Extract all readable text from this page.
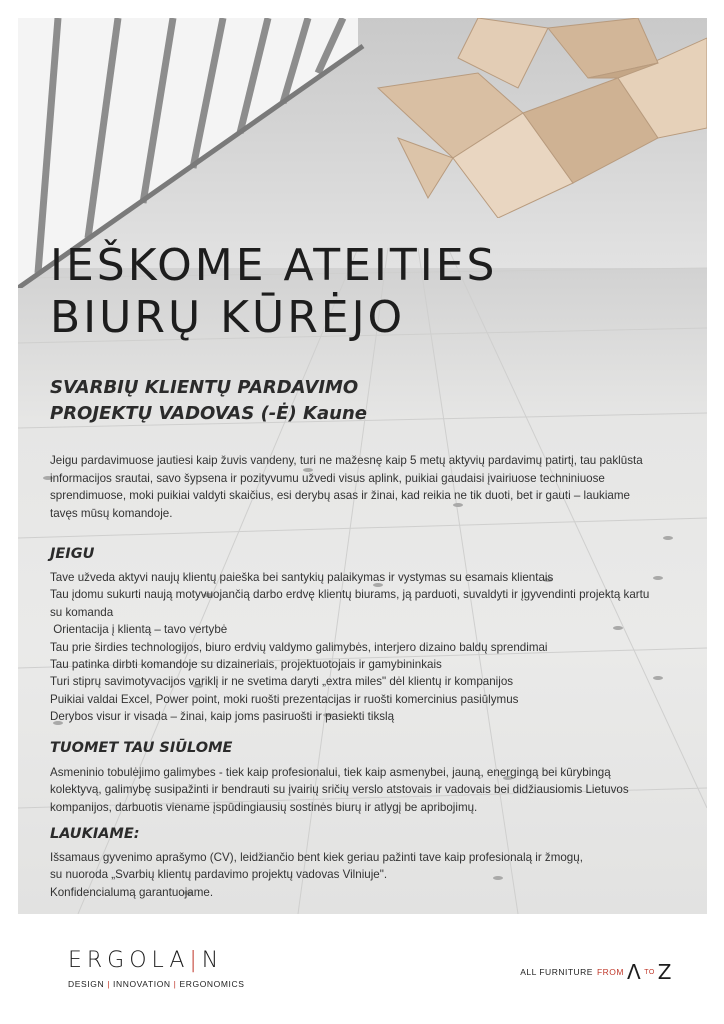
IEŠKOME ATEITIES
BIURŲ KŪRĖJO
SVARBIŲ KLIENTŲ PARDAVIMO
PROJEKTŲ VADOVAS (-Ė) Kaune

Jeigu pardavimuose jautiesi kaip žuvis vandeny, turi ne mažesnę kaip 5 metų aktyvių pardavimų patirtį, tau paklūsta informacijos srautai, savo šypsena ir pozityvumu užvedi visus aplink, puikiai gaudaisi įvairiuose techniniuose sprendimuose, moki puikiai valdyti skaičius, esi derybų asas ir žinai, kad reikia ne tik duoti, bet ir gauti – laukiame tavęs mūsų komandoje.

JEIGU
Tave užveda aktyvi naujų klientų paieška bei santykių palaikymas ir vystymas su esamais klientais
Tau įdomu sukurti naują motyvuojančią darbo erdvę klientų biurams, ją parduoti, suvaldyti ir įgyvendinti projektą kartu su komanda
Orientacija į klientą – tavo vertybė
Tau prie širdies technologijos, biuro erdvių valdymo galimybės, interjero dizaino baldų sprendimai
Tau patinka dirbti komandoje su dizaineriais, projektuotojais ir gamybininkais
Turi stiprų savimotyvacijos variklį ir ne svetima daryti „extra miles" dėl klientų ir kompanijos
Puikiai valdai Excel, Power point, moki ruošti prezentacijas ir ruošti komercinius pasiūlymus
Derybos visur ir visada – žinai, kaip joms pasiruošti ir pasiekti tikslą
TUOMET TAU SIŪLOME

Asmeninio tobulėjimo galimybes - tiek kaip profesionalui, tiek kaip asmenybei, jauną, energingą bei kūrybingą kolektyvą, galimybę susipažinti ir bendrauti su įvairių sričių verslo atstovais ir vadovais bei didžiausiomis Lietuvos kompanijos, darbuotis viename įspūdingiausių sostinės biurų ir atlygį be apribojimų.

LAUKIAME:

Išsamaus gyvenimo aprašymo (CV), leidžiančio bent kiek geriau pažinti tave kaip profesionalą ir žmogų,
su nuoroda „Svarbių klientų pardavimo projektų vadovas Vilniuje".
Konfidencialumą garantuojame.

ERGOLA|N
DESIGN | INNOVATION | ERGONOMICS
ALL FURNITURE FROM Λ TO Z
